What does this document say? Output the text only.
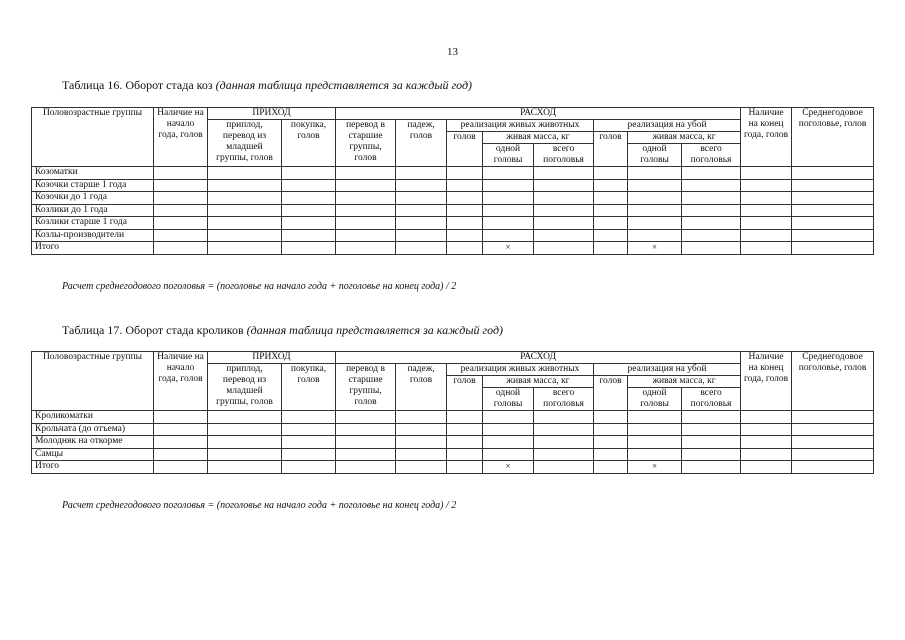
13
Таблица 16. Оборот стада коз (данная таблица представляется за каждый год)
Половозрастные группы	Наличие на начало года, голов	ПРИХОД		РАСХОД								Наличие на конец года, голов	Среднегодовое поголовье, голов
		приплод, перевод из младшей группы, голов	покупка, голов	перевод в старшие группы, голов	падеж, голов	реализация живых животных			реализация на убой				
						голов	живая масса, кг		голов	живая масса, кг			
							одной головы	всего поголовья		одной головы	всего поголовья		
Козоматки													
Козочки старше 1 года													
Козочки до 1 года													
Козлики до 1 года													
Козлики старше 1 года													
Козлы-производители													
Итого							×			×			
Расчет среднегодового поголовья = (поголовье на начало года + поголовье на конец года) / 2
Таблица 17. Оборот стада кроликов (данная таблица представляется за каждый год)
Половозрастные группы	Наличие на начало года, голов	ПРИХОД		РАСХОД								Наличие на конец года, голов	Среднегодовое поголовье, голов
		приплод, перевод из младшей группы, голов	покупка, голов	перевод в старшие группы, голов	падеж, голов	реализация живых животных			реализация на убой				
						голов	живая масса, кг		голов	живая масса, кг			
							одной головы	всего поголовья		одной головы	всего поголовья		
Кроликоматки													
Крольчата (до отъема)													
Молодняк на откорме													
Самцы													
Итого							×			×			
Расчет среднегодового поголовья = (поголовье на начало года + поголовье на конец года) / 2
